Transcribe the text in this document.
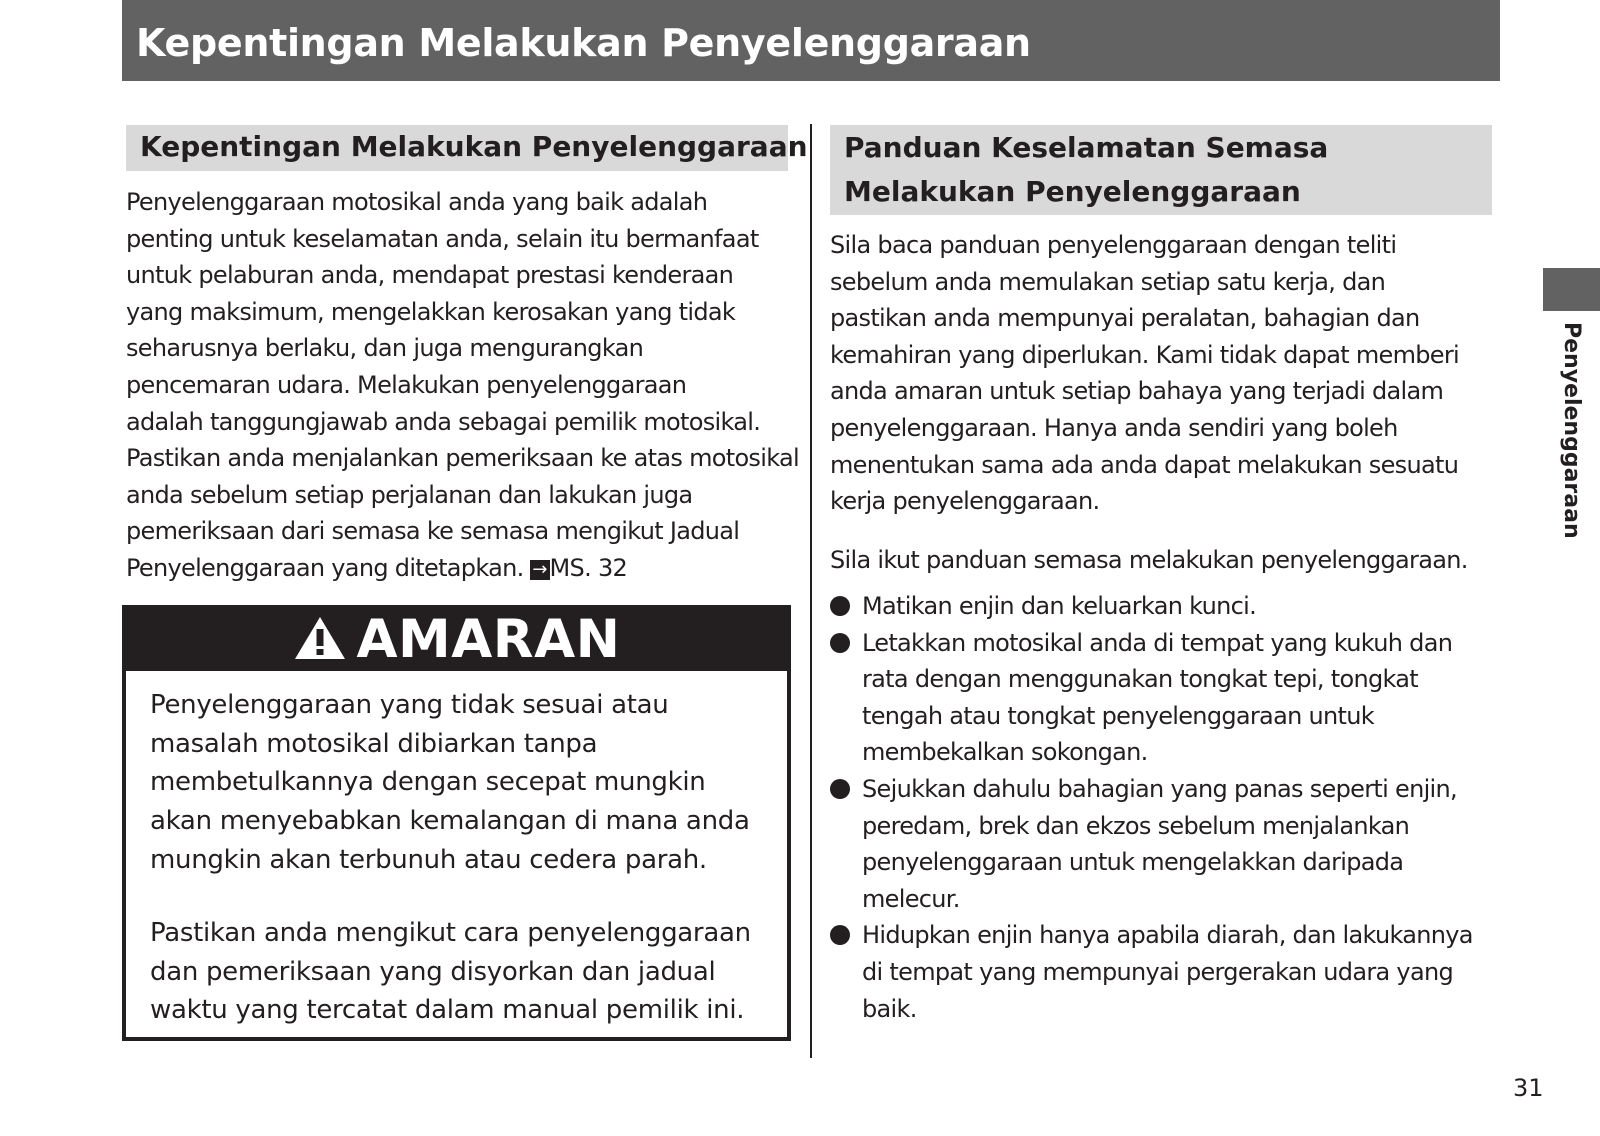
Kepentingan Melakukan Penyelenggaraan
Kepentingan Melakukan Penyelenggaraan
Penyelenggaraan motosikal anda yang baik adalah
penting untuk keselamatan anda, selain itu bermanfaat
untuk pelaburan anda, mendapat prestasi kenderaan
yang maksimum, mengelakkan kerosakan yang tidak
seharusnya berlaku, dan juga mengurangkan
pencemaran udara. Melakukan penyelenggaraan
adalah tanggungjawab anda sebagai pemilik motosikal.
Pastikan anda menjalankan pemeriksaan ke atas motosikal
anda sebelum setiap perjalanan dan lakukan juga
pemeriksaan dari semasa ke semasa mengikut Jadual
Penyelenggaraan yang ditetapkan. → MS. 32
AMARAN
Penyelenggaraan yang tidak sesuai atau
masalah motosikal dibiarkan tanpa
membetulkannya dengan secepat mungkin
akan menyebabkan kemalangan di mana anda
mungkin akan terbunuh atau cedera parah.
Pastikan anda mengikut cara penyelenggaraan
dan pemeriksaan yang disyorkan dan jadual
waktu yang tercatat dalam manual pemilik ini.
Panduan Keselamatan Semasa
Melakukan Penyelenggaraan
Sila baca panduan penyelenggaraan dengan teliti
sebelum anda memulakan setiap satu kerja, dan
pastikan anda mempunyai peralatan, bahagian dan
kemahiran yang diperlukan. Kami tidak dapat memberi
anda amaran untuk setiap bahaya yang terjadi dalam
penyelenggaraan. Hanya anda sendiri yang boleh
menentukan sama ada anda dapat melakukan sesuatu
kerja penyelenggaraan.
Sila ikut panduan semasa melakukan penyelenggaraan.
Matikan enjin dan keluarkan kunci.
Letakkan motosikal anda di tempat yang kukuh dan
rata dengan menggunakan tongkat tepi, tongkat
tengah atau tongkat penyelenggaraan untuk
membekalkan sokongan.
Sejukkan dahulu bahagian yang panas seperti enjin,
peredam, brek dan ekzos sebelum menjalankan
penyelenggaraan untuk mengelakkan daripada
melecur.
Hidupkan enjin hanya apabila diarah, dan lakukannya
di tempat yang mempunyai pergerakan udara yang
baik.
Penyelenggaraan
31
